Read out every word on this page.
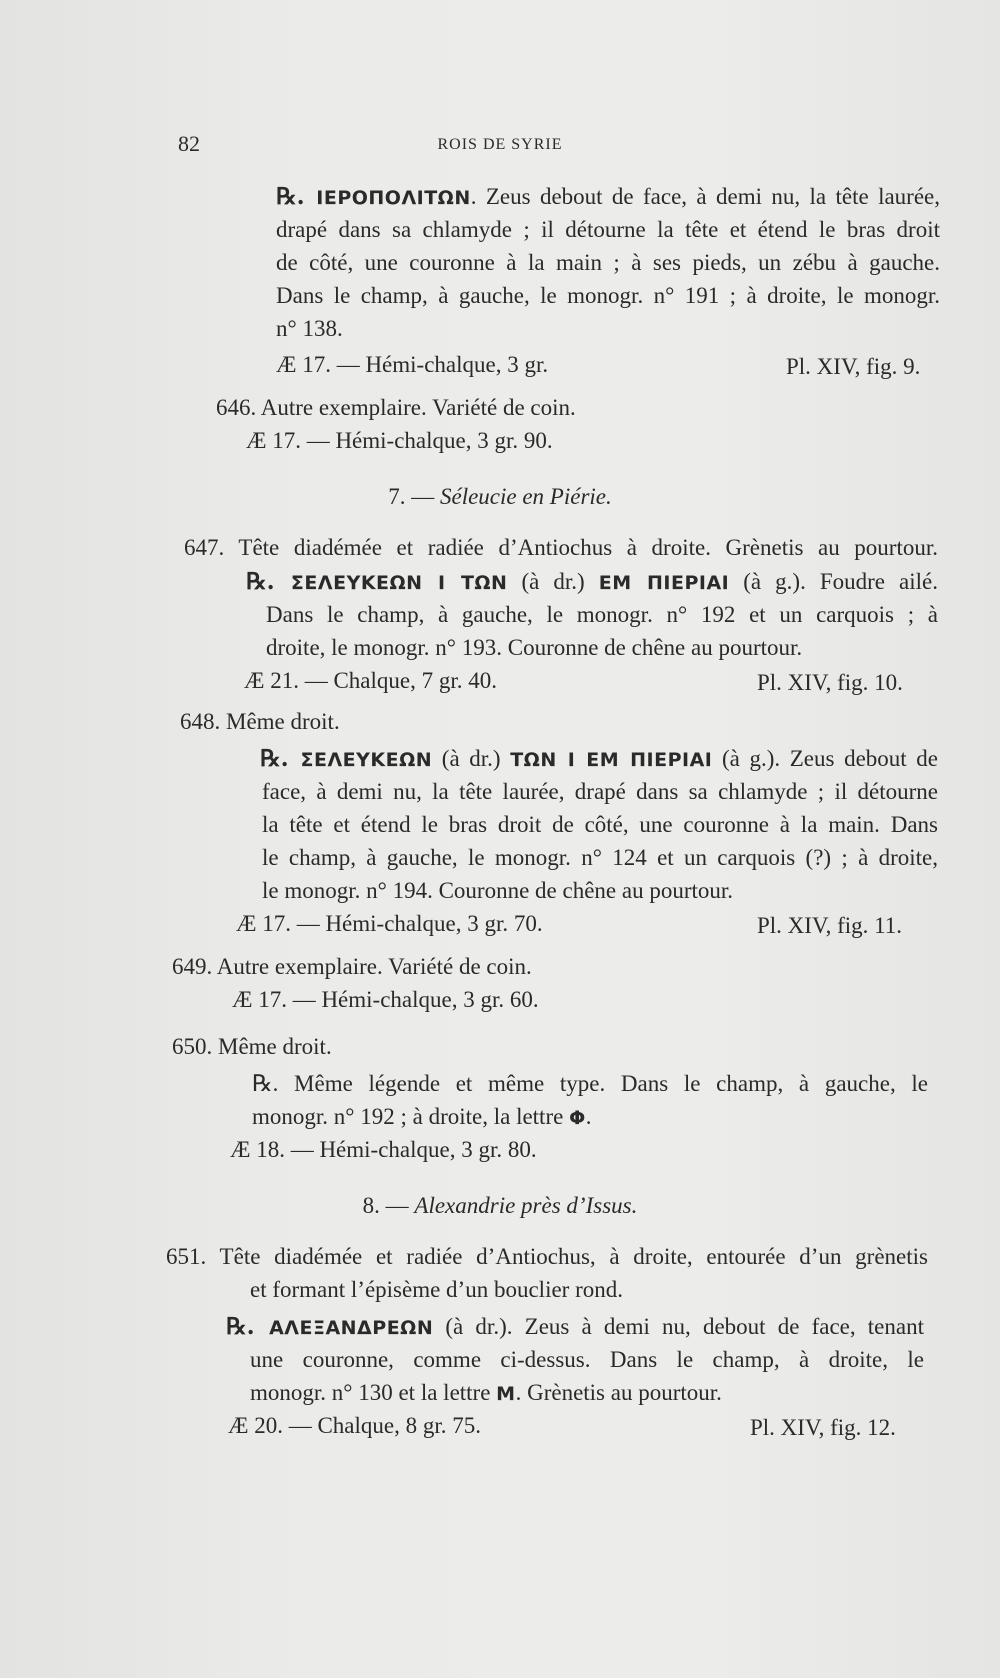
82	ROIS DE SYRIE
℞. ΙΕΡΟΠΟΛΙΤΩΝ. Zeus debout de face, à demi nu, la tête laurée,
drapé dans sa chlamyde ; il détourne la tête et étend le bras droit
de côté, une couronne à la main ; à ses pieds, un zébu à gauche.
Dans le champ, à gauche, le monogr. n° 191 ; à droite, le monogr.
n° 138.
Æ 17. — Hémi-chalque, 3 gr.	Pl. XIV, fig. 9.
646. Autre exemplaire. Variété de coin.
Æ 17. — Hémi-chalque, 3 gr. 90.
7. — Séleucie en Piérie.
647. Tête diadémée et radiée d’Antiochus à droite. Grènetis au pourtour.
℞. ΣΕΛΕΥΚΕΩΝ Ι ΤΩΝ (à dr.) ΕΜ ΠΙΕΡΙΑΙ (à g.). Foudre ailé.
Dans le champ, à gauche, le monogr. n° 192 et un carquois ; à
droite, le monogr. n° 193. Couronne de chêne au pourtour.
Æ 21. — Chalque, 7 gr. 40.	Pl. XIV, fig. 10.
648. Même droit.
℞. ΣΕΛΕΥΚΕΩΝ (à dr.) ΤΩΝ Ι ΕΜ ΠΙΕΡΙΑΙ (à g.). Zeus debout de
face, à demi nu, la tête laurée, drapé dans sa chlamyde ; il détourne
la tête et étend le bras droit de côté, une couronne à la main. Dans
le champ, à gauche, le monogr. n° 124 et un carquois (?) ; à droite,
le monogr. n° 194. Couronne de chêne au pourtour.
Æ 17. — Hémi-chalque, 3 gr. 70.	Pl. XIV, fig. 11.
649. Autre exemplaire. Variété de coin.
Æ 17. — Hémi-chalque, 3 gr. 60.
650. Même droit.
℞. Même légende et même type. Dans le champ, à gauche, le
monogr. n° 192 ; à droite, la lettre Φ.
Æ 18. — Hémi-chalque, 3 gr. 80.
8. — Alexandrie près d’Issus.
651. Tête diadémée et radiée d’Antiochus, à droite, entourée d’un grènetis
et formant l’épisème d’un bouclier rond.
℞. ΑΛΕΞΑΝΔΡΕΩΝ (à dr.). Zeus à demi nu, debout de face, tenant
une couronne, comme ci-dessus. Dans le champ, à droite, le
monogr. n° 130 et la lettre Μ. Grènetis au pourtour.
Æ 20. — Chalque, 8 gr. 75.	Pl. XIV, fig. 12.
